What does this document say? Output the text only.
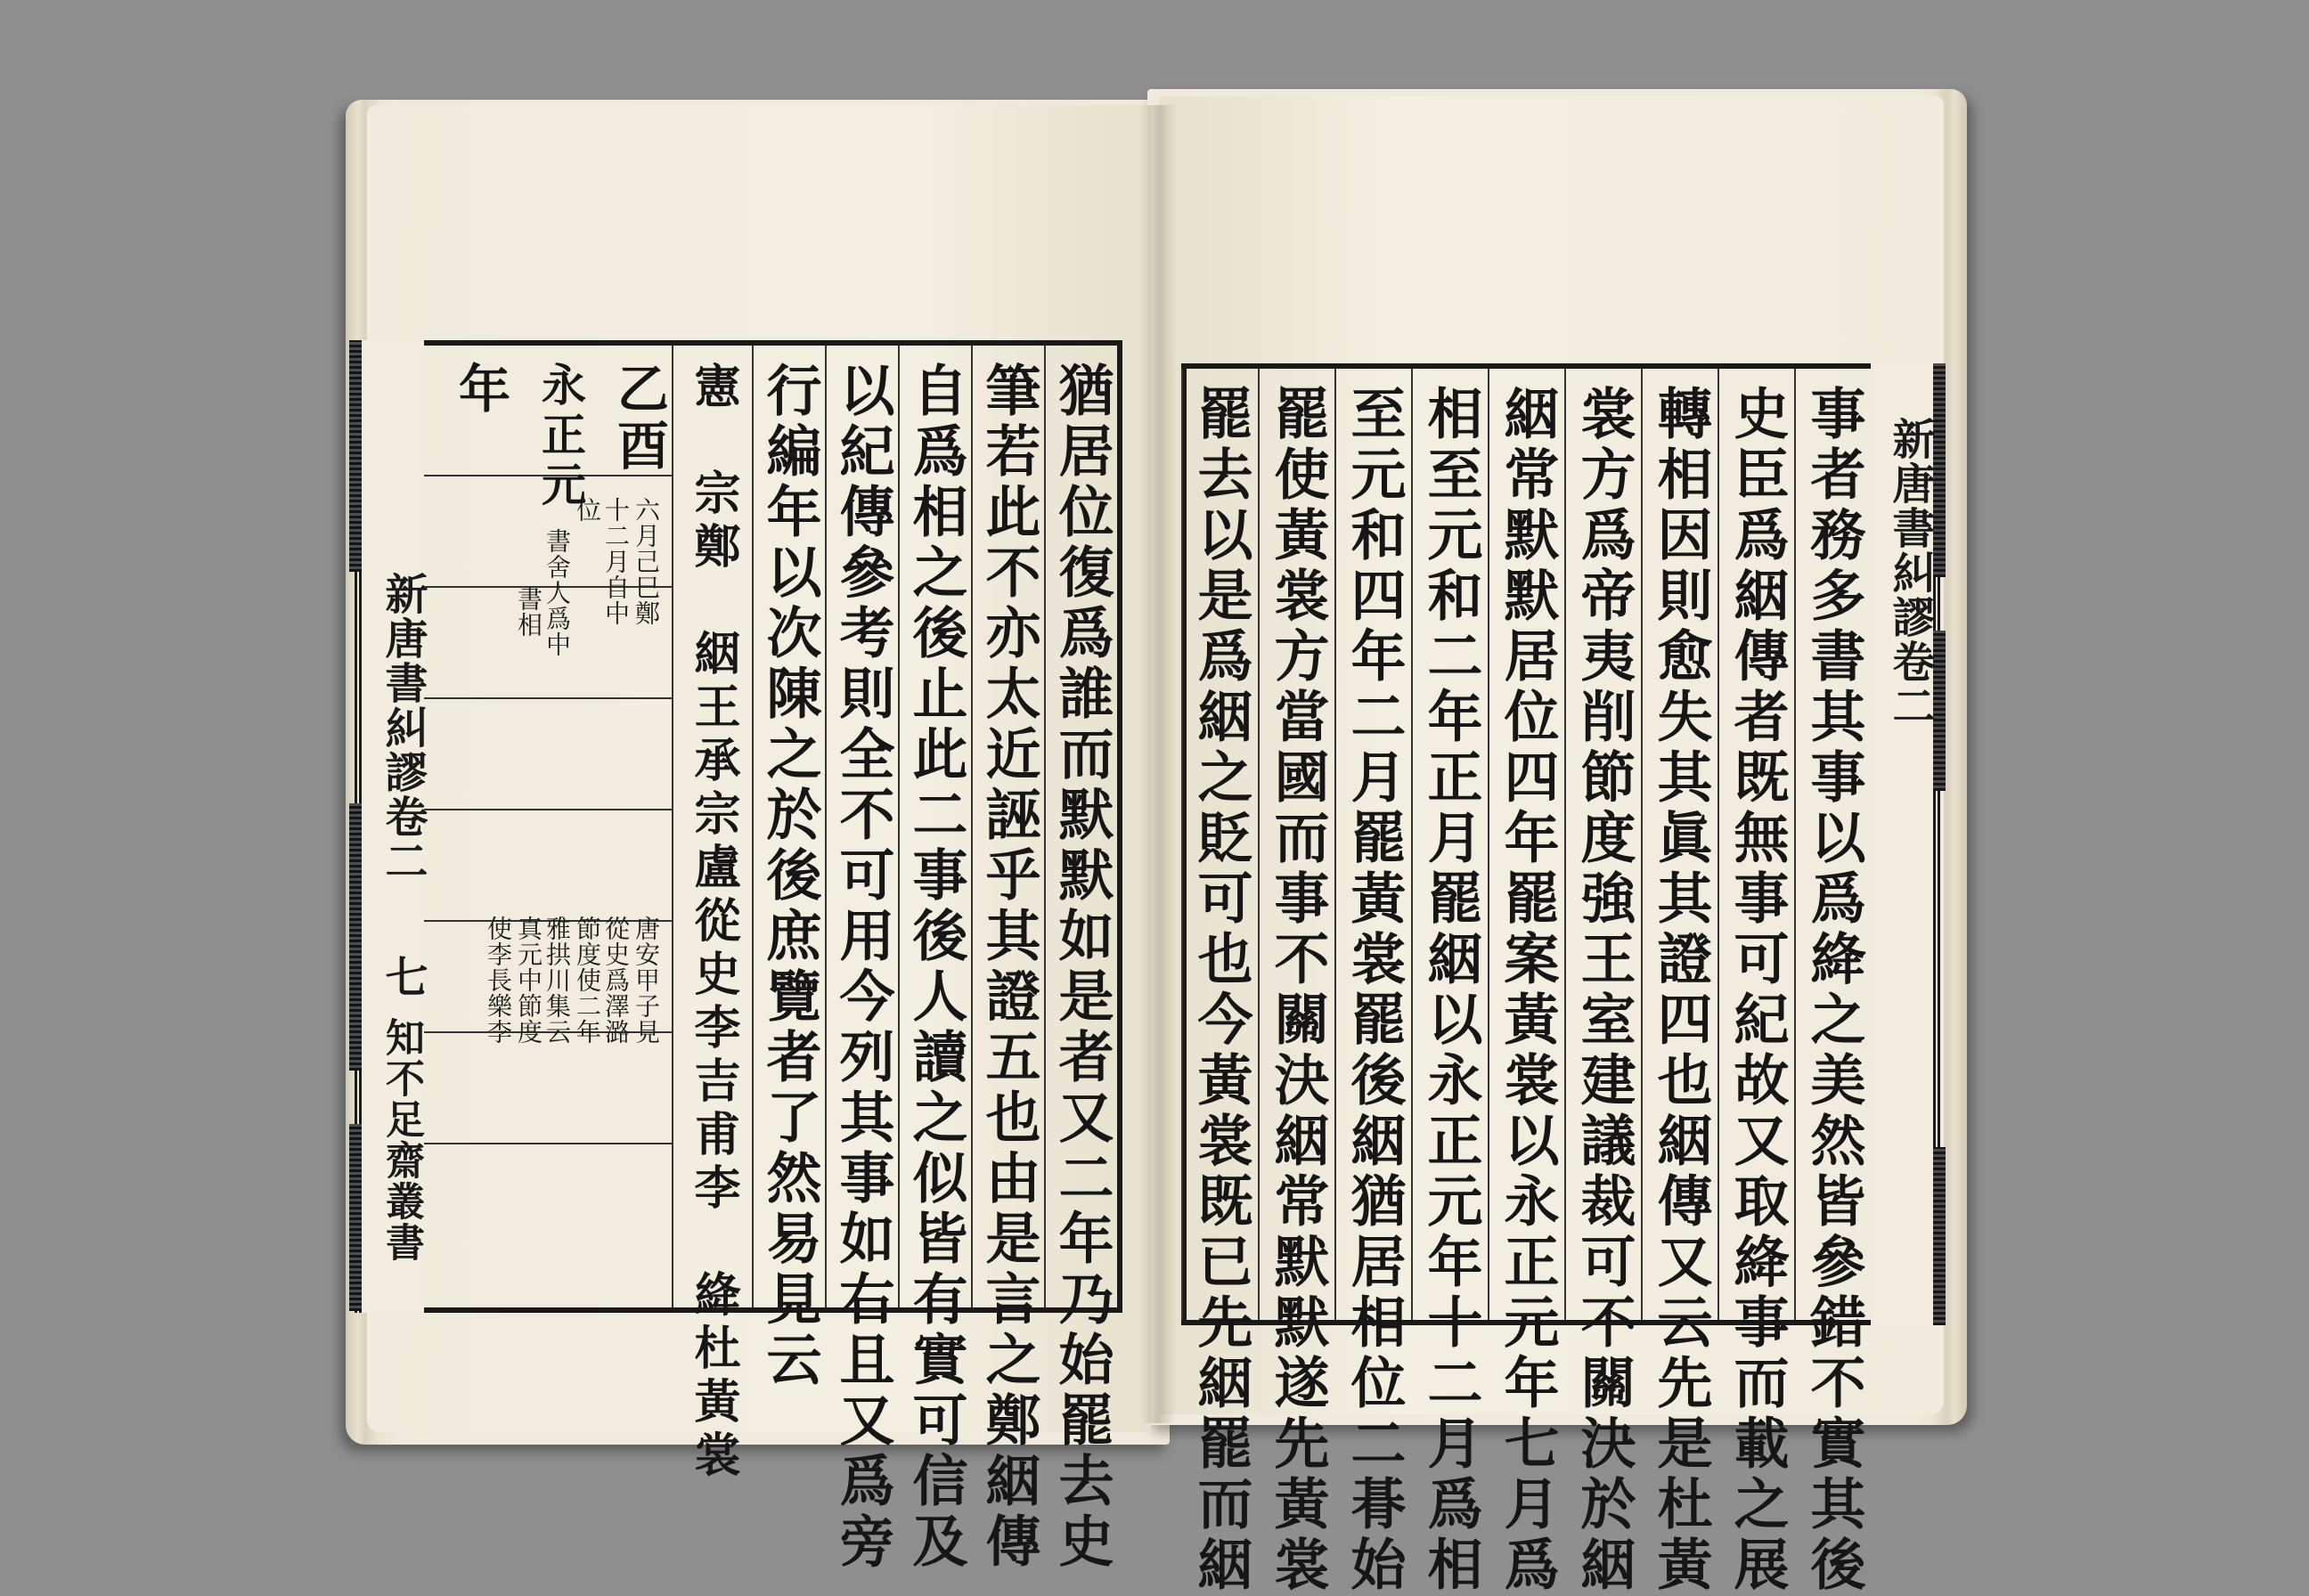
新唐書糾謬卷二
七
知不足齋叢書	猶居位復爲誰而默默如是者又二年乃始罷去史
筆若此不亦太近誣乎其證五也由是言之鄭絪傳
自爲相之後止此二事後人讀之似皆有實可信及
以紀傳參考則全不可用今列其事如右且又爲旁
行編年以次陳之於後庶覽者了然易見云
憲　宗鄭　絪王承宗盧從史李吉甫李　絳杜黃裳
乙酉
永正元
年
六月己巳鄭
十二月自中
位
書舍人爲中
書相
唐安甲子見
從史爲澤潞
節度使二年
雅拱川集云
真元中節度
使李長樂李
新唐書糾謬卷二
事者務多書其事以爲絳之美然皆參錯不實其後
史臣爲絪傳者既無事可紀故又取絳事而載之展
轉相因則愈失其眞其證四也絪傳又云先是杜黃
裳方爲帝夷削節度強王室建議裁可不關決於絪
絪常默默居位四年罷案黃裳以永正元年七月爲
相至元和二年正月罷絪以永正元年十二月爲相
至元和四年二月罷黃裳罷後絪猶居相位二朞始
罷使黃裳方當國而事不關決絪常默默遂先黃裳
罷去以是爲絪之貶可也今黃裳既已先絪罷而絪
